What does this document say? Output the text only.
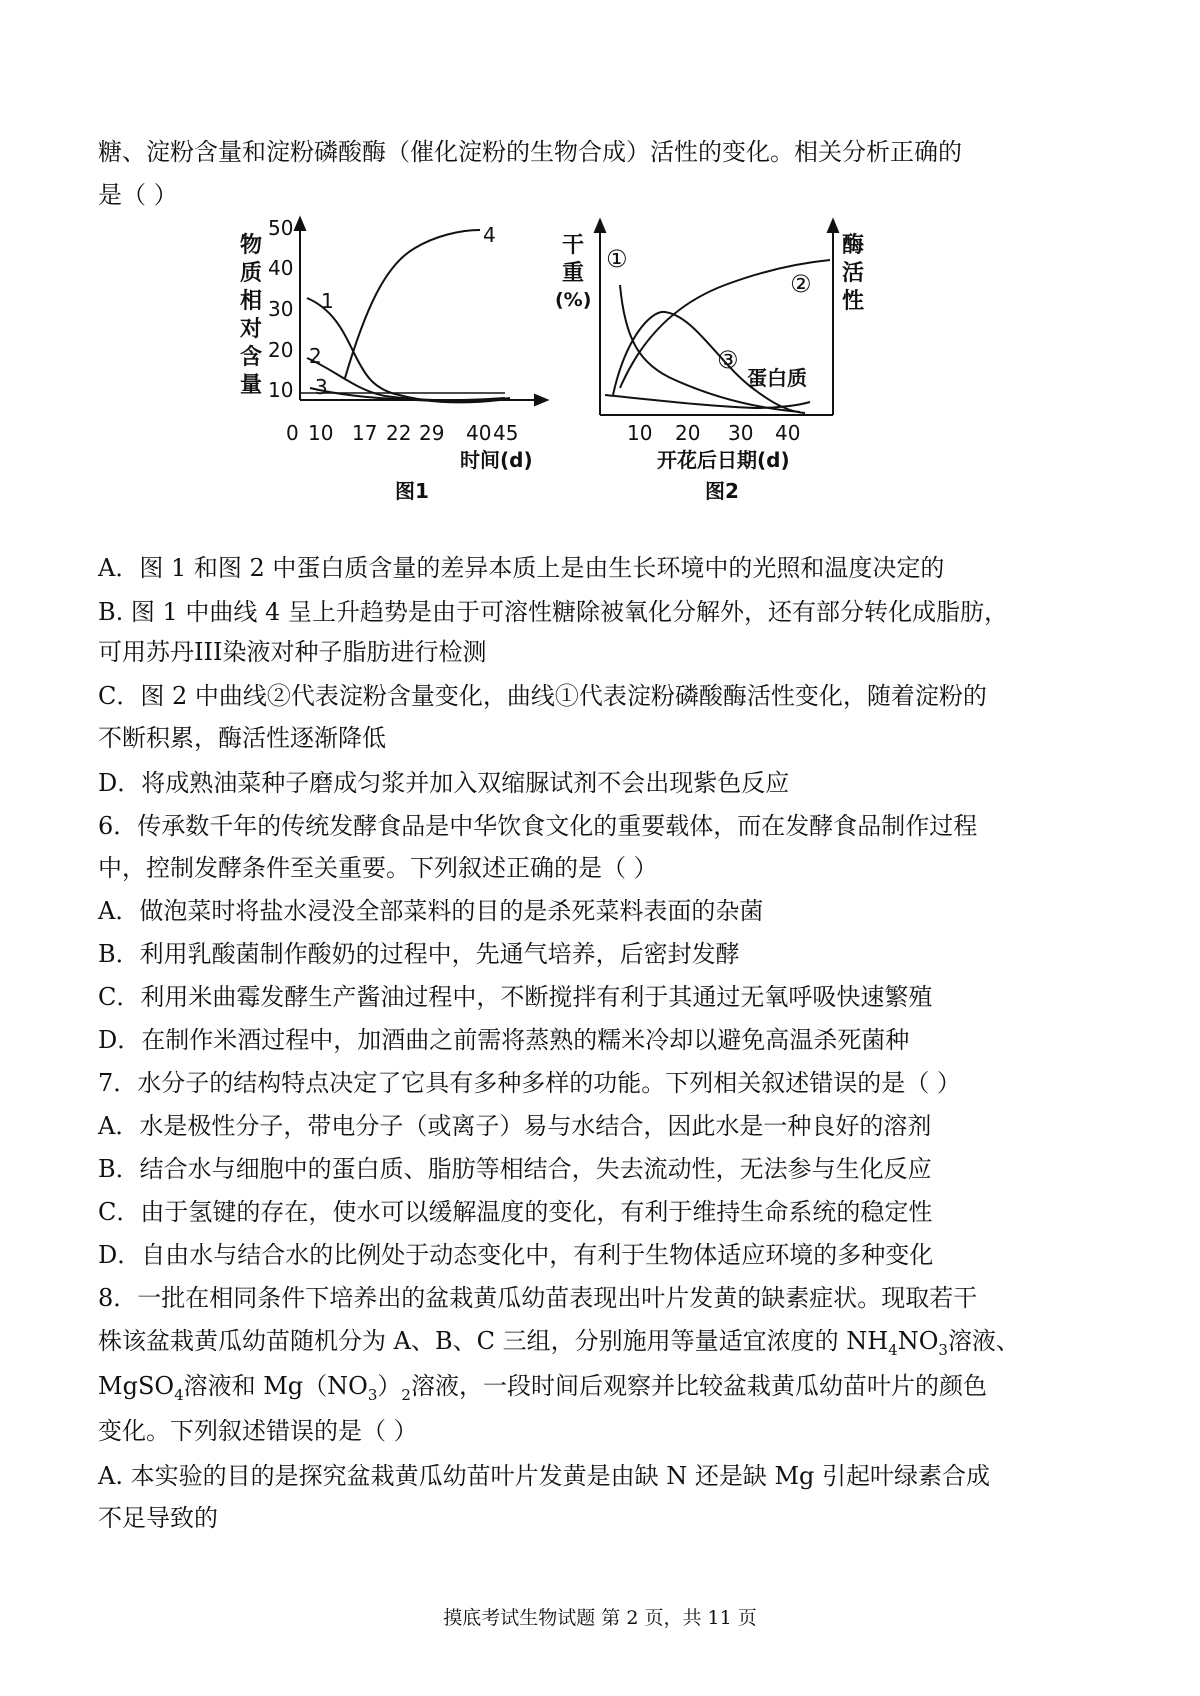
糖、淀粉含量和淀粉磷酸酶（催化淀粉的生物合成）活性的变化。相关分析正确的
是（ ）
50
40
30
20
10
物
质
相
对
含
量
0 10 17 22 29 40 45
时间(d)
图1
1
2
3
4	干
重
(%)
酶
活
性
10 20 30 40
开花后日期(d)
图2
①
②
③
蛋白质
A．图 1 和图 2 中蛋白质含量的差异本质上是由生长环境中的光照和温度决定的
B. 图 1 中曲线 4 呈上升趋势是由于可溶性糖除被氧化分解外，还有部分转化成脂肪，
可用苏丹III染液对种子脂肪进行检测
C．图 2 中曲线②代表淀粉含量变化，曲线①代表淀粉磷酸酶活性变化，随着淀粉的
不断积累，酶活性逐渐降低
D．将成熟油菜种子磨成匀浆并加入双缩脲试剂不会出现紫色反应
6．传承数千年的传统发酵食品是中华饮食文化的重要载体，而在发酵食品制作过程
中，控制发酵条件至关重要。下列叙述正确的是（ ）
A．做泡菜时将盐水浸没全部菜料的目的是杀死菜料表面的杂菌
B．利用乳酸菌制作酸奶的过程中，先通气培养，后密封发酵
C．利用米曲霉发酵生产酱油过程中，不断搅拌有利于其通过无氧呼吸快速繁殖
D．在制作米酒过程中，加酒曲之前需将蒸熟的糯米冷却以避免高温杀死菌种
7．水分子的结构特点决定了它具有多种多样的功能。下列相关叙述错误的是（ ）
A．水是极性分子，带电分子（或离子）易与水结合，因此水是一种良好的溶剂
B．结合水与细胞中的蛋白质、脂肪等相结合，失去流动性，无法参与生化反应
C．由于氢键的存在，使水可以缓解温度的变化，有利于维持生命系统的稳定性
D．自由水与结合水的比例处于动态变化中，有利于生物体适应环境的多种变化
8．一批在相同条件下培养出的盆栽黄瓜幼苗表现出叶片发黄的缺素症状。现取若干
株该盆栽黄瓜幼苗随机分为 A、B、C 三组，分别施用等量适宜浓度的 $NH_4NO_3$溶液、
MgSO$_4$溶液和 $Mg(NO_3)_2$溶液，一段时间后观察并比较盆栽黄瓜幼苗叶片的颜色
变化。下列叙述错误的是（ ）
A. 本实验的目的是探究盆栽黄瓜幼苗叶片发黄是由缺 N 还是缺 Mg 引起叶绿素合成
不足导致的
摸底考试生物试题 第 2 页，共 11 页
